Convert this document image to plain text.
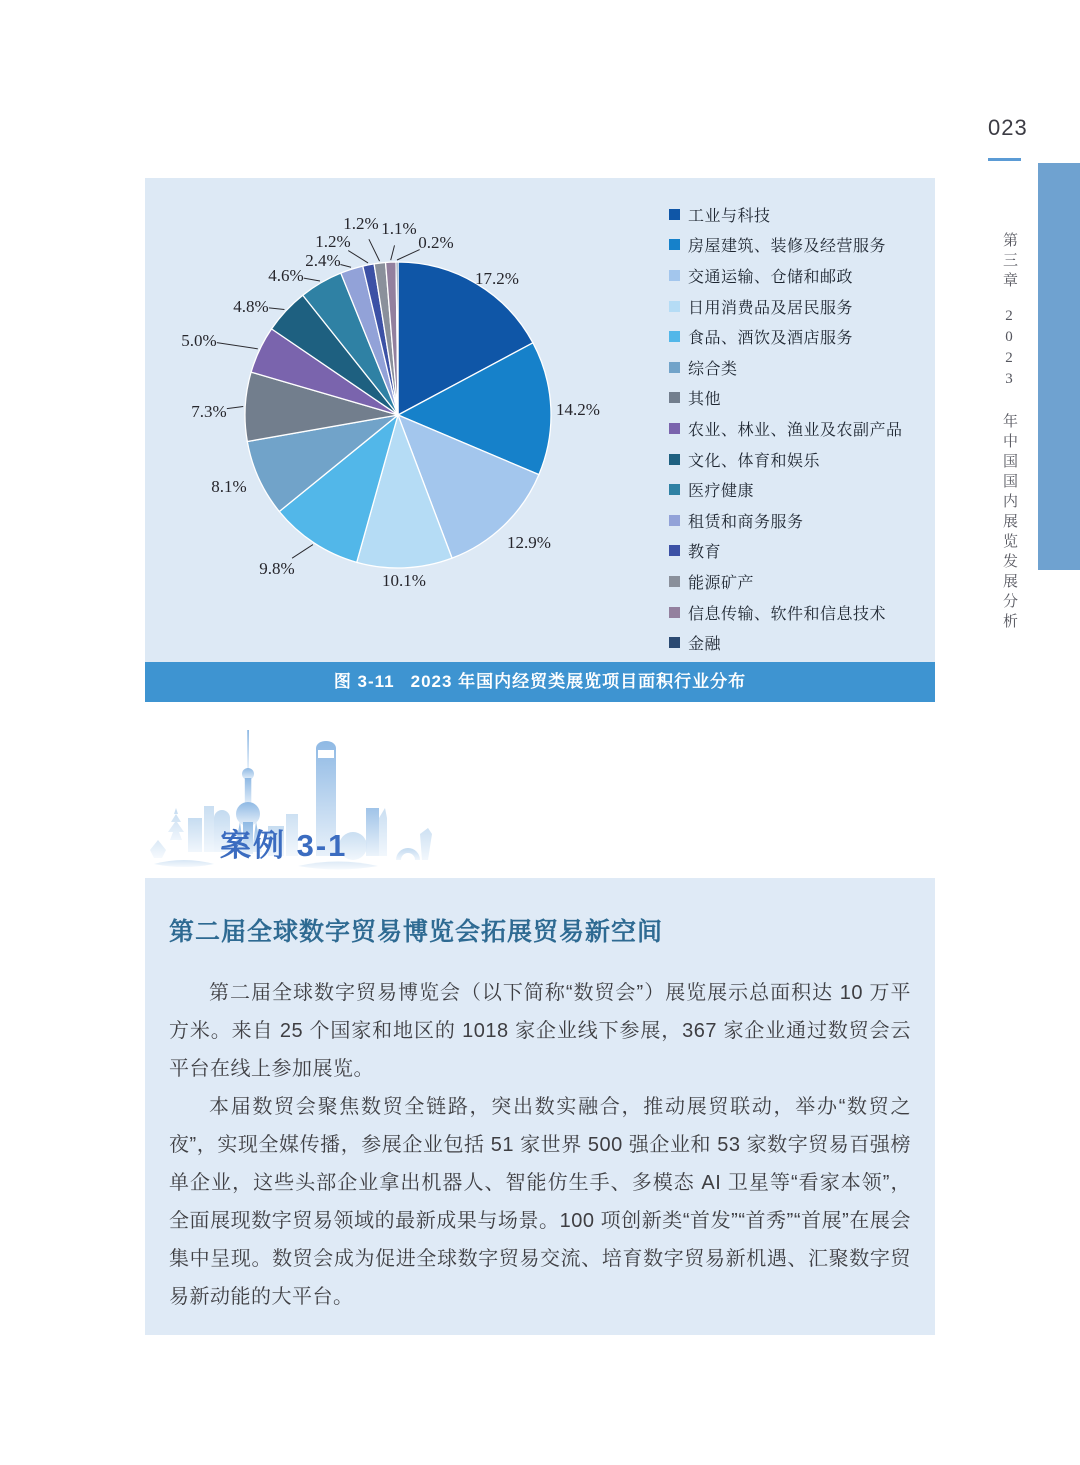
023
第三章2023 年中国国内展览发展分析
17.2%
14.2%
12.9%
10.1%
9.8%
8.1%
7.3%
5.0%
4.8%
4.6%
2.4%
1.2%
1.2% 1.1%
0.2%
工业与科技
房屋建筑、装修及经营服务
交通运输、仓储和邮政
日用消费品及居民服务
食品、酒饮及酒店服务
综合类
其他
农业、林业、渔业及农副产品
文化、体育和娱乐
医疗健康
租赁和商务服务
教育
能源矿产
信息传输、软件和信息技术
金融
图 3-11 2023 年国内经贸类展览项目面积行业分布
案例 3-1
第二届全球数字贸易博览会拓展贸易新空间

第二届全球数字贸易博览会（以下简称“数贸会”）展览展示总面积达 10 万平方米。来自 25 个国家和地区的 1018 家企业线下参展，367 家企业通过数贸会云平台在线上参加展览。

本届数贸会聚焦数贸全链路，突出数实融合，推动展贸联动，举办“数贸之夜”，实现全媒传播，参展企业包括 51 家世界 500 强企业和 53 家数字贸易百强榜单企业，这些头部企业拿出机器人、智能仿生手、多模态 AI 卫星等“看家本领”，全面展现数字贸易领域的最新成果与场景。100 项创新类“首发”“首秀”“首展”在展会集中呈现。数贸会成为促进全球数字贸易交流、培育数字贸易新机遇、汇聚数字贸易新动能的大平台。
